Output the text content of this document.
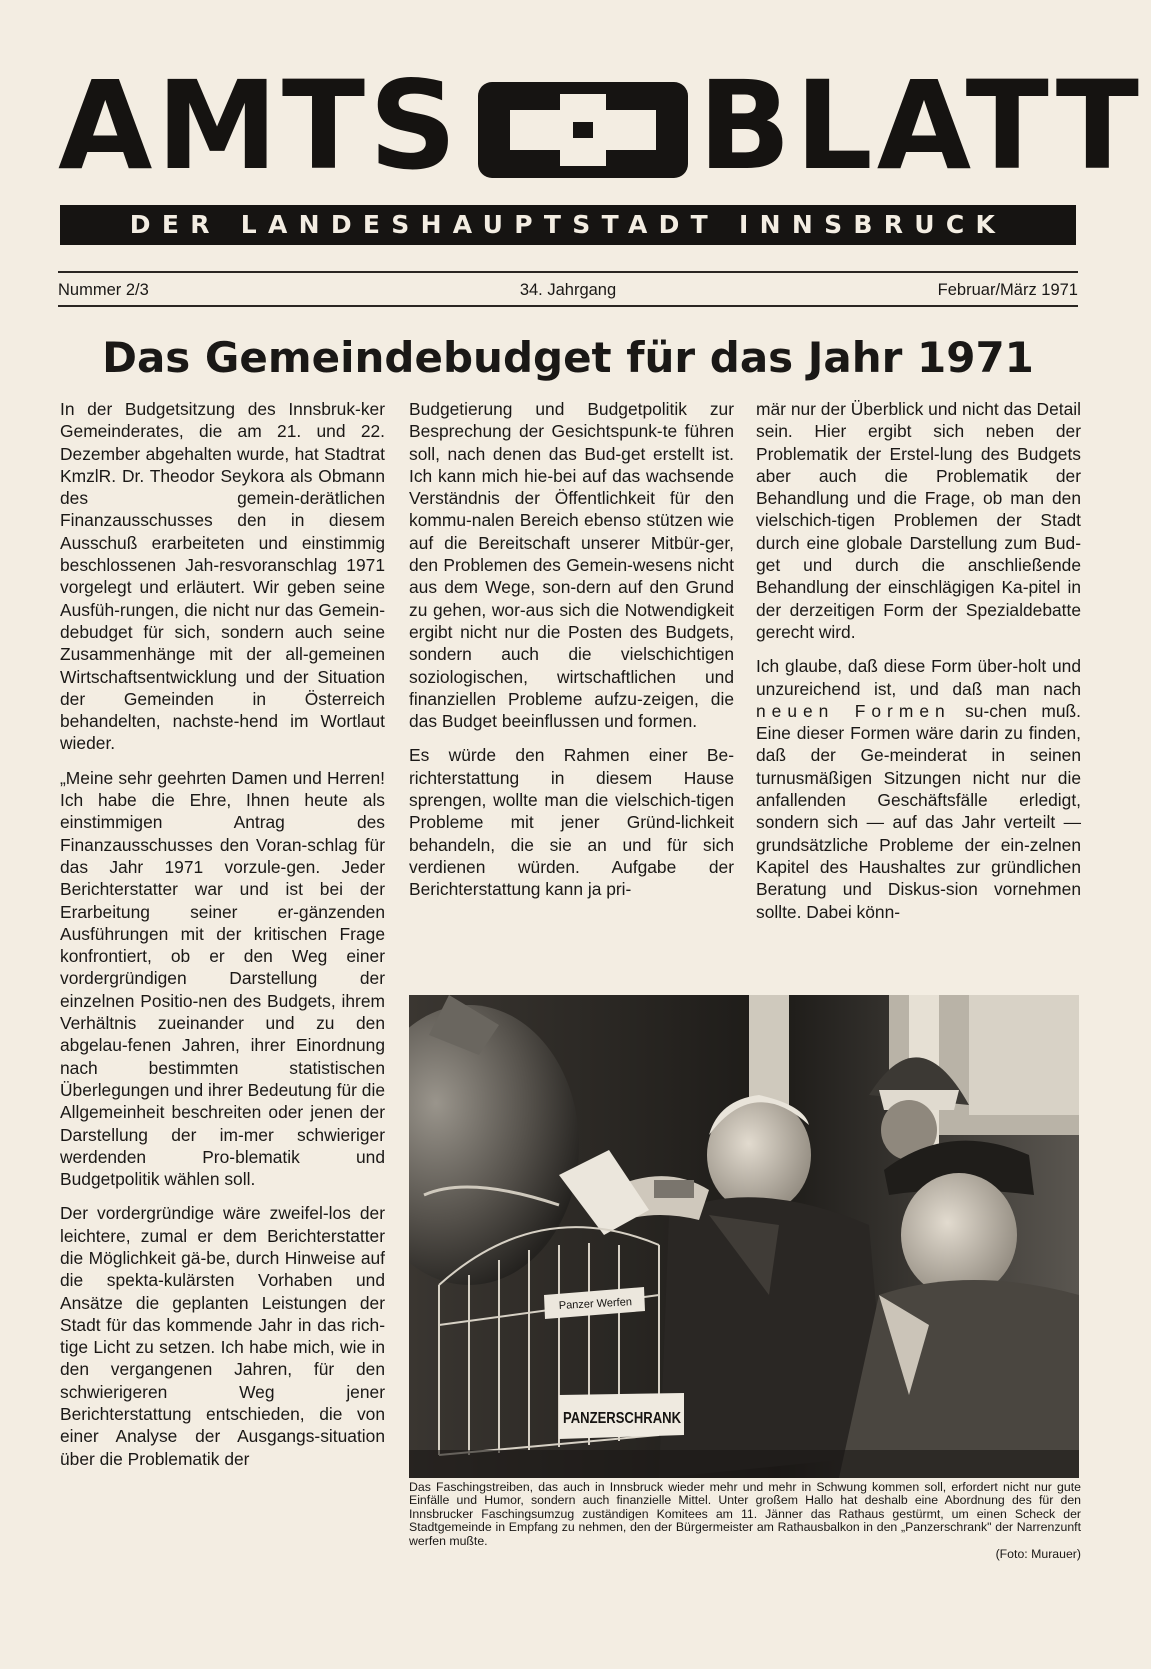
AMTS BLATT
DER LANDESHAUPTSTADT INNSBRUCK
34. Jahrgang
Nummer 2/3	Februar/März 1971
Das Gemeindebudget für das Jahr 1971

In der Budgetsitzung des Innsbruk-ker Gemeinderates, die am 21. und 22. Dezember abgehalten wurde, hat Stadtrat KmzlR. Dr. Theodor Seykora als Obmann des gemein-derätlichen Finanzausschusses den in diesem Ausschuß erarbeiteten und einstimmig beschlossenen Jah-resvoranschlag 1971 vorgelegt und erläutert. Wir geben seine Ausfüh-rungen, die nicht nur das Gemein-debudget für sich, sondern auch seine Zusammenhänge mit der all-gemeinen Wirtschaftsentwicklung und der Situation der Gemeinden in Österreich behandelten, nachste-hend im Wortlaut wieder.

„Meine sehr geehrten Damen und Herren! Ich habe die Ehre, Ihnen heute als einstimmigen Antrag des Finanzausschusses den Voran-schlag für das Jahr 1971 vorzule-gen. Jeder Berichterstatter war und ist bei der Erarbeitung seiner er-gänzenden Ausführungen mit der kritischen Frage konfrontiert, ob er den Weg einer vordergründigen Darstellung der einzelnen Positio-nen des Budgets, ihrem Verhältnis zueinander und zu den abgelau-fenen Jahren, ihrer Einordnung nach bestimmten statistischen Überlegungen und ihrer Bedeutung für die Allgemeinheit beschreiten oder jenen der Darstellung der im-mer schwieriger werdenden Pro-blematik und Budgetpolitik wählen soll.

Der vordergründige wäre zweifel-los der leichtere, zumal er dem Berichterstatter die Möglichkeit gä-be, durch Hinweise auf die spekta-kulärsten Vorhaben und Ansätze die geplanten Leistungen der Stadt für das kommende Jahr in das rich-tige Licht zu setzen. Ich habe mich, wie in den vergangenen Jahren, für den schwierigeren Weg jener Berichterstattung entschieden, die von einer Analyse der Ausgangs-situation über die Problematik der

Budgetierung und Budgetpolitik zur Besprechung der Gesichtspunk-te führen soll, nach denen das Bud-get erstellt ist. Ich kann mich hie-bei auf das wachsende Verständnis der Öffentlichkeit für den kommu-nalen Bereich ebenso stützen wie auf die Bereitschaft unserer Mitbür-ger, den Problemen des Gemein-wesens nicht aus dem Wege, son-dern auf den Grund zu gehen, wor-aus sich die Notwendigkeit ergibt nicht nur die Posten des Budgets, sondern auch die vielschichtigen soziologischen, wirtschaftlichen und finanziellen Probleme aufzu-zeigen, die das Budget beeinflussen und formen.

Es würde den Rahmen einer Be-richterstattung in diesem Hause sprengen, wollte man die vielschich-tigen Probleme mit jener Gründ-lichkeit behandeln, die sie an und für sich verdienen würden. Aufgabe der Berichterstattung kann ja pri-

mär nur der Überblick und nicht das Detail sein. Hier ergibt sich neben der Problematik der Erstel-lung des Budgets aber auch die Problematik der Behandlung und die Frage, ob man den vielschich-tigen Problemen der Stadt durch eine globale Darstellung zum Bud-get und durch die anschließende Behandlung der einschlägigen Ka-pitel in der derzeitigen Form der Spezialdebatte gerecht wird.

Ich glaube, daß diese Form über-holt und unzureichend ist, und daß man nach neuen Formen su-chen muß. Eine dieser Formen wäre darin zu finden, daß der Ge-meinderat in seinen turnusmäßigen Sitzungen nicht nur die anfallenden Geschäftsfälle erledigt, sondern sich — auf das Jahr verteilt — grundsätzliche Probleme der ein-zelnen Kapitel des Haushaltes zur gründlichen Beratung und Diskus-sion vornehmen sollte. Dabei könn-

Panzer Werfen
PANZERSCHRANK
Das Faschingstreiben, das auch in Innsbruck wieder mehr und mehr in Schwung kommen soll, erfordert nicht nur gute Einfälle und Humor, sondern auch finanzielle Mittel. Unter großem Hallo hat deshalb eine Abordnung des für den Innsbrucker Faschingsumzug zuständigen Komitees am 11. Jänner das Rathaus gestürmt, um einen Scheck der Stadtgemeinde in Empfang zu nehmen, den der Bürgermeister am Rathausbalkon in den „Panzerschrank" der Narrenzunft werfen mußte.
(Foto: Murauer)
